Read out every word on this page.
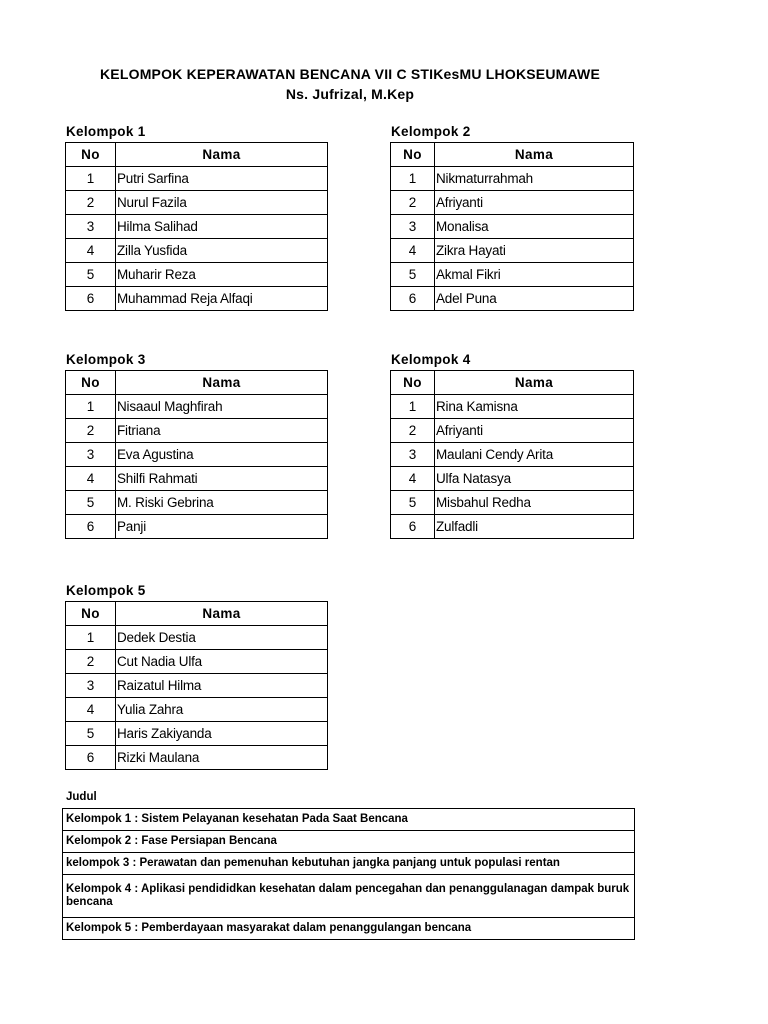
KELOMPOK KEPERAWATAN BENCANA VII C STIKesMU LHOKSEUMAWE
Ns. Jufrizal, M.Kep
Kelompok 1
No	Nama
1	Putri Sarfina
2	Nurul Fazila
3	Hilma Salihad
4	Zilla Yusfida
5	Muharir Reza
6	Muhammad Reja Alfaqi
Kelompok 2
No	Nama
1	Nikmaturrahmah
2	Afriyanti
3	Monalisa
4	Zikra Hayati
5	Akmal Fikri
6	Adel Puna
Kelompok 3
No	Nama
1	Nisaaul Maghfirah
2	Fitriana
3	Eva Agustina
4	Shilfi Rahmati
5	M. Riski Gebrina
6	Panji
Kelompok 4
No	Nama
1	Rina Kamisna
2	Afriyanti
3	Maulani Cendy Arita
4	Ulfa Natasya
5	Misbahul Redha
6	Zulfadli
Kelompok 5
No	Nama
1	Dedek Destia
2	Cut Nadia Ulfa
3	Raizatul Hilma
4	Yulia Zahra
5	Haris Zakiyanda
6	Rizki Maulana
Judul
Kelompok 1 : Sistem Pelayanan kesehatan Pada Saat Bencana
Kelompok 2 : Fase Persiapan Bencana
kelompok 3 : Perawatan dan pemenuhan kebutuhan jangka panjang untuk populasi rentan
Kelompok 4 : Aplikasi pendididkan kesehatan dalam pencegahan dan penanggulanagan dampak buruk bencana
Kelompok 5 : Pemberdayaan masyarakat dalam penanggulangan bencana
